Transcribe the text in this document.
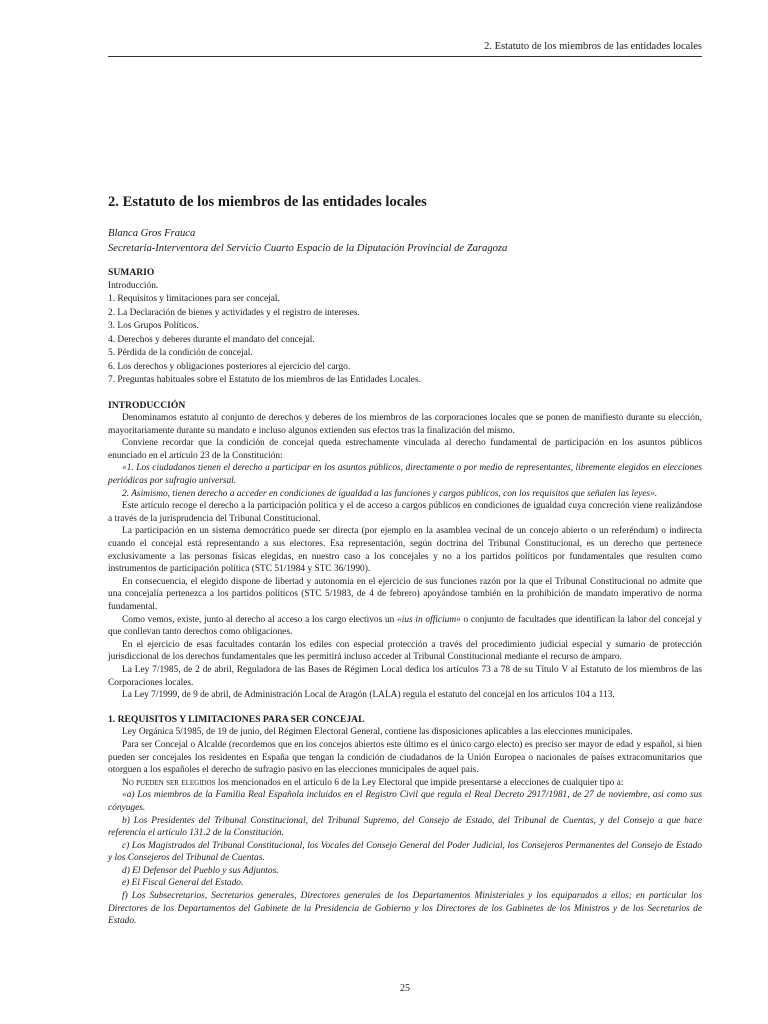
2. Estatuto de los miembros de las entidades locales
2. Estatuto de los miembros de las entidades locales
Blanca Gros Frauca
Secretaria-Interventora del Servicio Cuarto Espacio de la Diputación Provincial de Zaragoza
SUMARIO
Introducción.
1. Requisitos y limitaciones para ser concejal.
2. La Declaración de bienes y actividades y el registro de intereses.
3. Los Grupos Políticos.
4. Derechos y deberes durante el mandato del concejal.
5. Pérdida de la condición de concejal.
6. Los derechos y obligaciones posteriores al ejercicio del cargo.
7. Preguntas habituales sobre el Estatuto de los miembros de las Entidades Locales.
INTRODUCCIÓN

Denominamos estatuto al conjunto de derechos y deberes de los miembros de las corporaciones locales que se ponen de manifiesto durante su elección, mayoritariamente durante su mandato e incluso algunos extienden sus efectos tras la finalización del mismo.

Conviene recordar que la condición de concejal queda estrechamente vinculada al derecho fundamental de participación en los asuntos públicos enunciado en el artículo 23 de la Constitución:

«1. Los ciudadanos tienen el derecho a participar en los asuntos públicos, directamente o por medio de representantes, libremente elegidos en elecciones periódicas por sufragio universal.

2. Asimismo, tienen derecho a acceder en condiciones de igualdad a las funciones y cargos públicos, con los requisitos que señalen las leyes».

Este artículo recoge el derecho a la participación política y el de acceso a cargos públicos en condiciones de igualdad cuya concreción viene realizándose a través de la jurisprudencia del Tribunal Constitucional.

La participación en un sistema democrático puede ser directa (por ejemplo en la asamblea vecinal de un concejo abierto o un referéndum) o indirecta cuando el concejal está representando a sus electores. Esa representación, según doctrina del Tribunal Constitucional, es un derecho que pertenece exclusivamente a las personas físicas elegidas, en nuestro caso a los concejales y no a los partidos políticos por fundamentales que resulten como instrumentos de participación política (STC 51/1984 y STC 36/1990).

En consecuencia, el elegido dispone de libertad y autonomía en el ejercicio de sus funciones razón por la que el Tribunal Constitucional no admite que una concejalía pertenezca a los partidos políticos (STC 5/1983, de 4 de febrero) apoyándose también en la prohibición de mandato imperativo de norma fundamental.

Como vemos, existe, junto al derecho al acceso a los cargo electivos un «ius in officium» o conjunto de facultades que identifican la labor del concejal y que conllevan tanto derechos como obligaciones.

En el ejercicio de esas facultades contarán los ediles con especial protección a través del procedimiento judicial especial y sumario de protección jurisdiccional de los derechos fundamentales que les permitirá incluso acceder al Tribunal Constitucional mediante el recurso de amparo.

La Ley 7/1985, de 2 de abril, Reguladora de las Bases de Régimen Local dedica los artículos 73 a 78 de su Título V al Estatuto de los miembros de las Corporaciones locales.

La Ley 7/1999, de 9 de abril, de Administración Local de Aragón (LALA) regula el estatuto del concejal en los artículos 104 a 113.

1. REQUISITOS Y LIMITACIONES PARA SER CONCEJAL

Ley Orgánica 5/1985, de 19 de junio, del Régimen Electoral General, contiene las disposiciones aplicables a las elecciones municipales.

Para ser Concejal o Alcalde (recordemos que en los concejos abiertos este último es el único cargo electo) es preciso ser mayor de edad y español, si bien pueden ser concejales los residentes en España que tengan la condición de ciudadanos de la Unión Europea o nacionales de países extracomunitarios que otorguen a los españoles el derecho de sufragio pasivo en las elecciones municipales de aquel país.

No pueden ser elegidos los mencionados en el artículo 6 de la Ley Electoral que impide presentarse a elecciones de cualquier tipo a:

«a) Los miembros de la Familia Real Española incluidos en el Registro Civil que regula el Real Decreto 2917/1981, de 27 de noviembre, así como sus cónyuges.

b) Los Presidentes del Tribunal Constitucional, del Tribunal Supremo, del Consejo de Estado, del Tribunal de Cuentas, y del Consejo a que hace referencia el artículo 131.2 de la Constitución.

c) Los Magistrados del Tribunal Constitucional, los Vocales del Consejo General del Poder Judicial, los Consejeros Permanentes del Consejo de Estado y los Consejeros del Tribunal de Cuentas.

d) El Defensor del Pueblo y sus Adjuntos.

e) El Fiscal General del Estado.

f) Los Subsecretarios, Secretarios generales, Directores generales de los Departamentos Ministeriales y los equiparados a ellos; en particular los Directores de los Departamentos del Gabinete de la Presidencia de Gobierno y los Directores de los Gabinetes de los Ministros y de los Secretarios de Estado.

25
